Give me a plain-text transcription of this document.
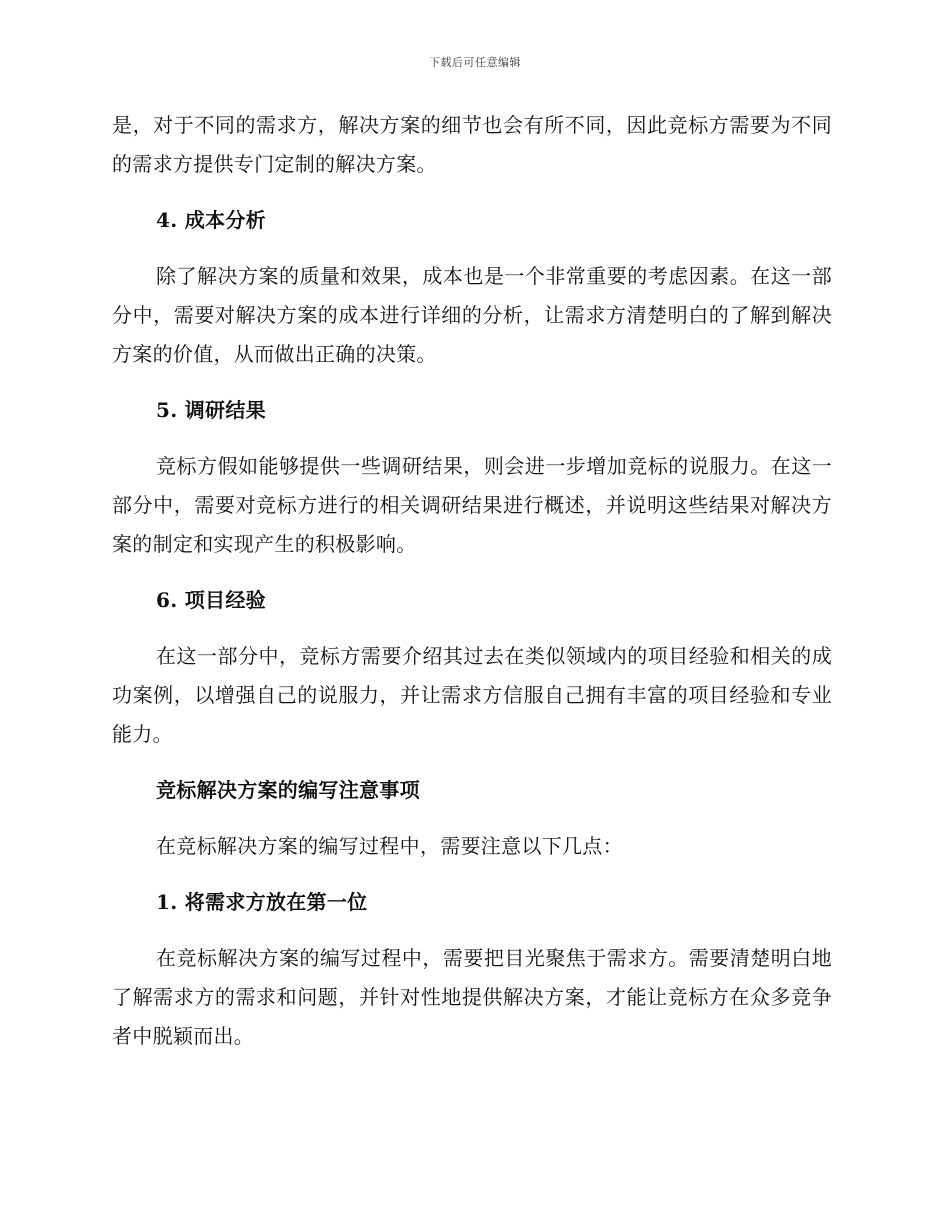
下载后可任意编辑

是，对于不同的需求方，解决方案的细节也会有所不同，因此竞标方需要为不同的需求方提供专门定制的解决方案。

4. 成本分析

除了解决方案的质量和效果，成本也是一个非常重要的考虑因素。在这一部分中，需要对解决方案的成本进行详细的分析，让需求方清楚明白的了解到解决方案的价值，从而做出正确的决策。

5. 调研结果

竞标方假如能够提供一些调研结果，则会进一步增加竞标的说服力。在这一部分中，需要对竞标方进行的相关调研结果进行概述，并说明这些结果对解决方案的制定和实现产生的积极影响。

6. 项目经验

在这一部分中，竞标方需要介绍其过去在类似领域内的项目经验和相关的成功案例，以增强自己的说服力，并让需求方信服自己拥有丰富的项目经验和专业能力。

竞标解决方案的编写注意事项

在竞标解决方案的编写过程中，需要注意以下几点：

1. 将需求方放在第一位

在竞标解决方案的编写过程中，需要把目光聚焦于需求方。需要清楚明白地了解需求方的需求和问题，并针对性地提供解决方案，才能让竞标方在众多竞争者中脱颖而出。
